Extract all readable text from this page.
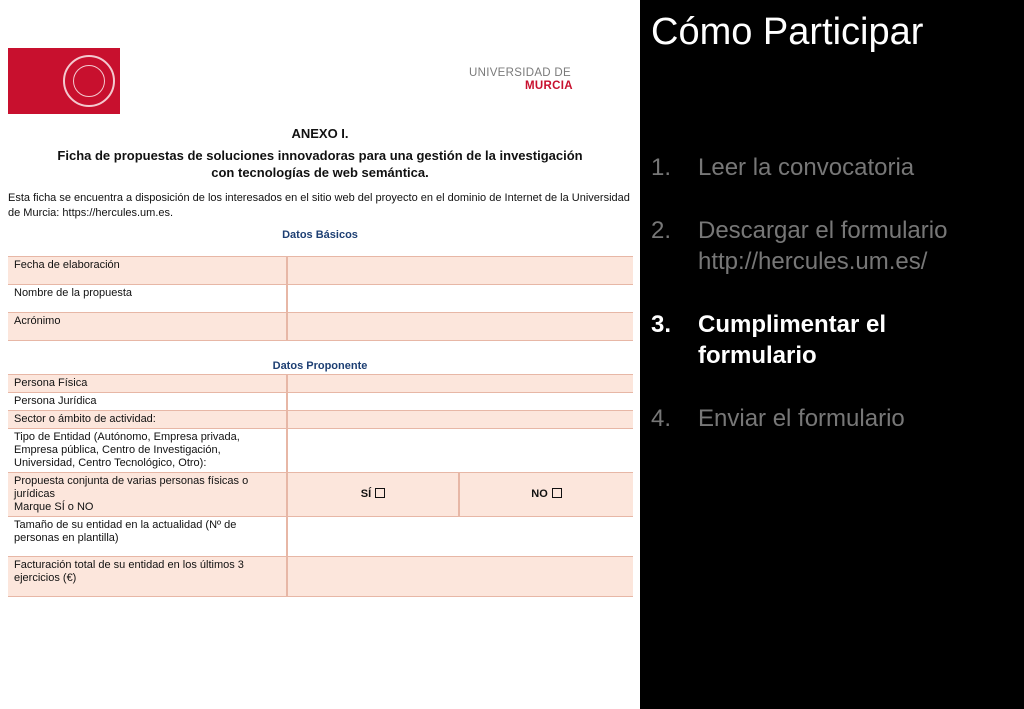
UNIVERSIDAD DE
MURCIA
ANEXO I.
Ficha de propuestas de soluciones innovadoras para una gestión de la investigación
con tecnologías de web semántica.
Esta ficha se encuentra a disposición de los interesados en el sitio web del proyecto en el dominio de Internet de la Universidad de Murcia: https://hercules.um.es.
Datos Básicos
Fecha de elaboración	
Nombre de la propuesta	
Acrónimo	
Datos Proponente
Persona Física		
Persona Jurídica		
Sector o ámbito de actividad:		
Tipo de Entidad (Autónomo, Empresa privada, Empresa pública, Centro de Investigación, Universidad, Centro Tecnológico, Otro):		

Propuesta conjunta de varias personas físicas o jurídicas
Marque SÍ o NO	SÍ	NO
Tamaño de su entidad en la actualidad (Nº de personas en plantilla)		
Facturación total de su entidad en los últimos 3 ejercicios (€)		
Cómo Participar
1. Leer la convocatoria
2. Descargar el formulario
http://hercules.um.es/
3. Cumplimentar el
formulario
4. Enviar el formulario
